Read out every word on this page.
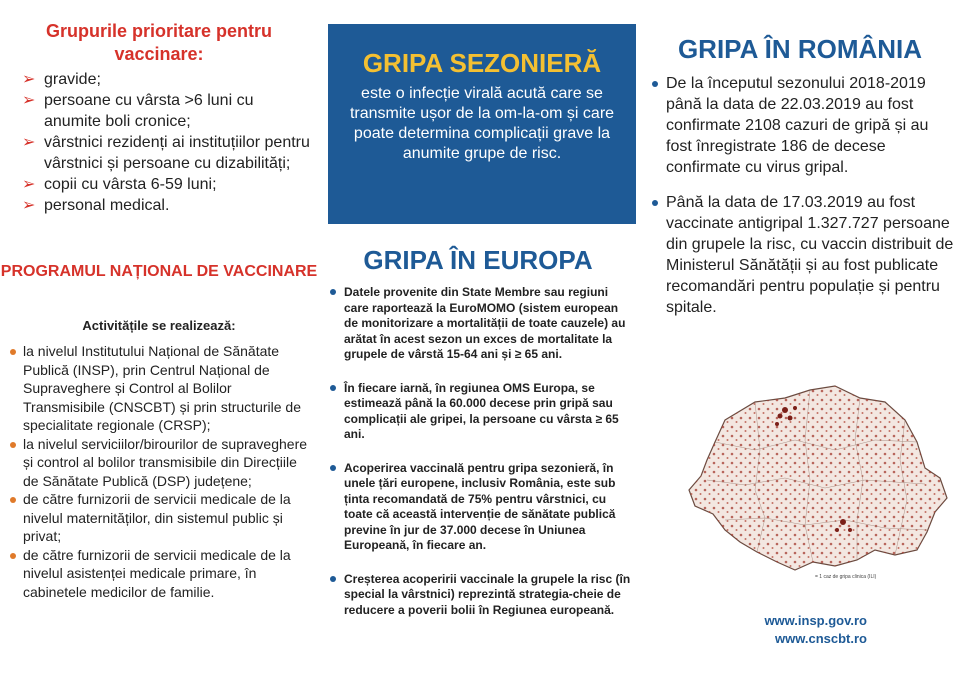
Grupurile prioritare pentru vaccinare:
➢ gravide;
➢ persoane cu vârsta >6 luni cu anumite boli cronice;
➢ vârstnici rezidenți ai instituțiilor pentru vârstnici și persoane cu dizabilități;
➢ copii cu vârsta 6-59 luni;
➢ personal medical.
PROGRAMUL NAȚIONAL DE VACCINARE
Activitățile se realizează:
la nivelul Institutului Național de Sănătate Publică (INSP), prin Centrul Național de Supraveghere și Control al Bolilor Transmisibile (CNSCBT) și prin structurile de specialitate regionale (CRSP);
la nivelul serviciilor/birourilor de supraveghere și control al bolilor transmisibile din Direcțiile de Sănătate Publică (DSP) județene;
de către furnizorii de servicii medicale de la nivelul maternităților, din sistemul public și privat;
de către furnizorii de servicii medicale de la nivelul asistenței medicale primare, în cabinetele medicilor de familie.
GRIPA SEZONIERĂ
este o infecție virală acută care se transmite ușor de la om-la-om și care poate determina complicații grave la anumite grupe de risc.
GRIPA ÎN EUROPA
Datele provenite din State Membre sau regiuni care raportează la EuroMOMO (sistem european de monitorizare a mortalității de toate cauzele) au arătat în acest sezon un exces de mortalitate la grupele de vârstă 15-64 ani și ≥ 65 ani.
În fiecare iarnă, în regiunea OMS Europa, se estimează până la 60.000 decese prin gripă sau complicații ale gripei, la persoane cu vârsta ≥ 65 ani.
Acoperirea vaccinală pentru gripa sezonieră, în unele țări europene, inclusiv România, este sub ținta recomandată de 75% pentru vârstnici, cu toate că această intervenție de sănătate publică previne în jur de 37.000 decese în Uniunea Europeană, în fiecare an.
Creșterea acoperirii vaccinale la grupele la risc (în special la vârstnici) reprezintă strategia-cheie de reducere a poverii bolii în Regiunea europeană.
GRIPA ÎN ROMÂNIA
De la începutul sezonului 2018-2019 până la data de 22.03.2019 au fost confirmate 2108 cazuri de gripă și au fost înregistrate 186 de decese confirmate cu virus gripal.
Până la data de 17.03.2019 au fost vaccinate antigripal 1.327.727 persoane din grupele la risc, cu vaccin distribuit de Ministerul Sănătății și au fost publicate recomandări pentru populație și pentru spitale.
= 1 caz de gripa clinica (ILI)
www.insp.gov.ro
www.cnscbt.ro
